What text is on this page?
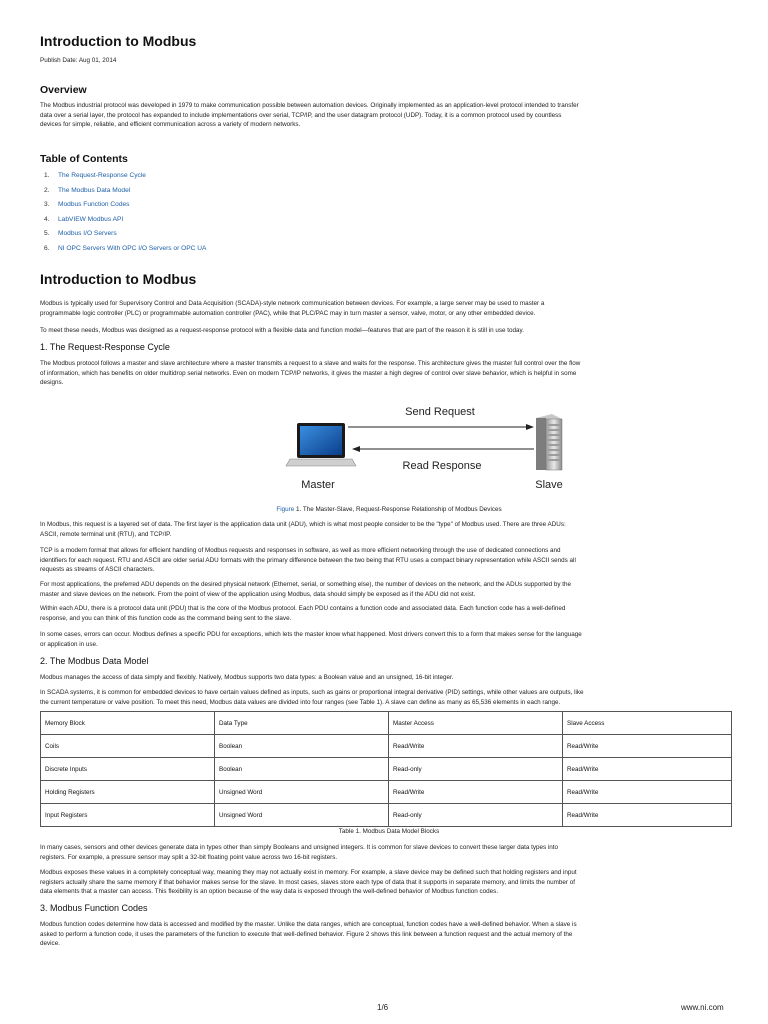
Introduction to Modbus

Publish Date: Aug 01, 2014

Overview

The Modbus industrial protocol was developed in 1979 to make communication possible between automation devices. Originally implemented as an application-level protocol intended to transfer

data over a serial layer, the protocol has expanded to include implementations over serial, TCP/IP, and the user datagram protocol (UDP). Today, it is a common protocol used by countless

devices for simple, reliable, and efficient communication across a variety of modern networks.

Table of Contents
1. The Request-Response Cycle
2. The Modbus Data Model
3. Modbus Function Codes
4. LabVIEW Modbus API
5. Modbus I/O Servers
6. NI OPC Servers With OPC I/O Servers or OPC UA
Introduction to Modbus

Modbus is typically used for Supervisory Control and Data Acquisition (SCADA)-style network communication between devices. For example, a large server may be used to master a

programmable logic controller (PLC) or programmable automation controller (PAC), while that PLC/PAC may in turn master a sensor, valve, motor, or any other embedded device.

To meet these needs, Modbus was designed as a request-response protocol with a flexible data and function model—features that are part of the reason it is still in use today.

1. The Request-Response Cycle

The Modbus protocol follows a master and slave architecture where a master transmits a request to a slave and waits for the response. This architecture gives the master full control over the flow

of information, which has benefits on older multidrop serial networks. Even on modern TCP/IP networks, it gives the master a high degree of control over slave behavior, which is helpful in some

designs.

Send Request
Read Response
Master	Slave

Figure 1. The Master-Slave, Request-Response Relationship of Modbus Devices

In Modbus, this request is a layered set of data. The first layer is the application data unit (ADU), which is what most people consider to be the "type" of Modbus used. There are three ADUs:

ASCII, remote terminal unit (RTU), and TCP/IP.

TCP is a modern format that allows for efficient handling of Modbus requests and responses in software, as well as more efficient networking through the use of dedicated connections and

identifiers for each request. RTU and ASCII are older serial ADU formats with the primary difference between the two being that RTU uses a compact binary representation while ASCII sends all

requests as streams of ASCII characters.

For most applications, the preferred ADU depends on the desired physical network (Ethernet, serial, or something else), the number of devices on the network, and the ADUs supported by the

master and slave devices on the network. From the point of view of the application using Modbus, data should simply be exposed as if the ADU did not exist.

Within each ADU, there is a protocol data unit (PDU) that is the core of the Modbus protocol. Each PDU contains a function code and associated data. Each function code has a well-defined

response, and you can think of this function code as the command being sent to the slave.

In some cases, errors can occur. Modbus defines a specific PDU for exceptions, which lets the master know what happened. Most drivers convert this to a form that makes sense for the language

or application in use.

2. The Modbus Data Model

Modbus manages the access of data simply and flexibly. Natively, Modbus supports two data types: a Boolean value and an unsigned, 16-bit integer.

In SCADA systems, it is common for embedded devices to have certain values defined as inputs, such as gains or proportional integral derivative (PID) settings, while other values are outputs, like

the current temperature or valve position. To meet this need, Modbus data values are divided into four ranges (see Table 1). A slave can define as many as 65,536 elements in each range.

Memory Block	Data Type	Master Access	Slave Access
Coils	Boolean	Read/Write	Read/Write
Discrete Inputs	Boolean	Read-only	Read/Write
Holding Registers	Unsigned Word	Read/Write	Read/Write
Input Registers	Unsigned Word	Read-only	Read/Write

Table 1. Modbus Data Model Blocks

In many cases, sensors and other devices generate data in types other than simply Booleans and unsigned integers. It is common for slave devices to convert these larger data types into

registers. For example, a pressure sensor may split a 32-bit floating point value across two 16-bit registers.

Modbus exposes these values in a completely conceptual way, meaning they may not actually exist in memory. For example, a slave device may be defined such that holding registers and input

registers actually share the same memory if that behavior makes sense for the slave. In most cases, slaves store each type of data that it supports in separate memory, and limits the number of

data elements that a master can access. This flexibility is an option because of the way data is exposed through the well-defined behavior of Modbus function codes.

3. Modbus Function Codes

Modbus function codes determine how data is accessed and modified by the master. Unlike the data ranges, which are conceptual, function codes have a well-defined behavior. When a slave is

asked to perform a function code, it uses the parameters of the function to execute that well-defined behavior. Figure 2 shows this link between a function request and the actual memory of the

device.

1/6	www.ni.com
